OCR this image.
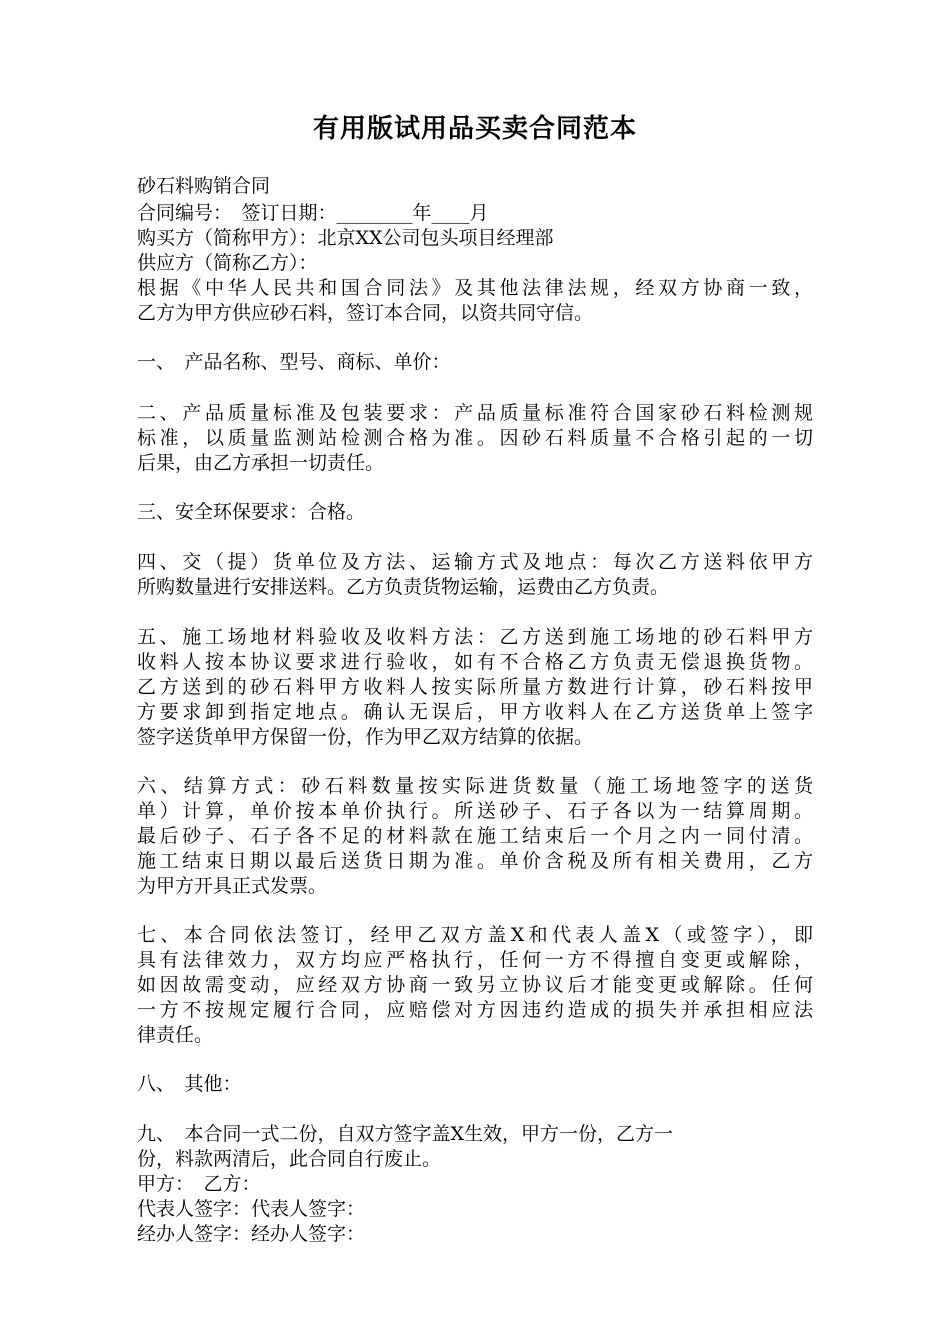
有用版试用品买卖合同范本
砂石料购销合同
合同编号：　签订日期：________年____月
购买方（简称甲方）：北京XX公司包头项目经理部
供应方（简称乙方）：
根据《中华人民共和国合同法》及其他法律法规，经双方协商一致，
乙方为甲方供应砂石料，签订本合同，以资共同守信。
一、　产品名称、型号、商标、单价：
二、产品质量标准及包装要求：产品质量标准符合国家砂石料检测规
标准，以质量监测站检测合格为准。因砂石料质量不合格引起的一切
后果，由乙方承担一切责任。
三、安全环保要求：合格。
四、交（提）货单位及方法、运输方式及地点：每次乙方送料依甲方
所购数量进行安排送料。乙方负责货物运输，运费由乙方负责。
五、施工场地材料验收及收料方法：乙方送到施工场地的砂石料甲方
收料人按本协议要求进行验收，如有不合格乙方负责无偿退换货物。
乙方送到的砂石料甲方收料人按实际所量方数进行计算，砂石料按甲
方要求卸到指定地点。确认无误后，甲方收料人在乙方送货单上签字
签字送货单甲方保留一份，作为甲乙双方结算的依据。
六、结算方式：砂石料数量按实际进货数量（施工场地签字的送货
单）计算，单价按本单价执行。所送砂子、石子各以为一结算周期。
最后砂子、石子各不足的材料款在施工结束后一个月之内一同付清。
施工结束日期以最后送货日期为准。单价含税及所有相关费用，乙方
为甲方开具正式发票。
七、本合同依法签订，经甲乙双方盖X和代表人盖X（或签字），即
具有法律效力，双方均应严格执行，任何一方不得擅自变更或解除，
如因故需变动，应经双方协商一致另立协议后才能变更或解除。任何
一方不按规定履行合同，应赔偿对方因违约造成的损失并承担相应法
律责任。
八、　其他：
九、　本合同一式二份，自双方签字盖X生效，甲方一份，乙方一
份，料款两清后，此合同自行废止。
甲方：　乙方：
代表人签字：代表人签字：
经办人签字：经办人签字：
